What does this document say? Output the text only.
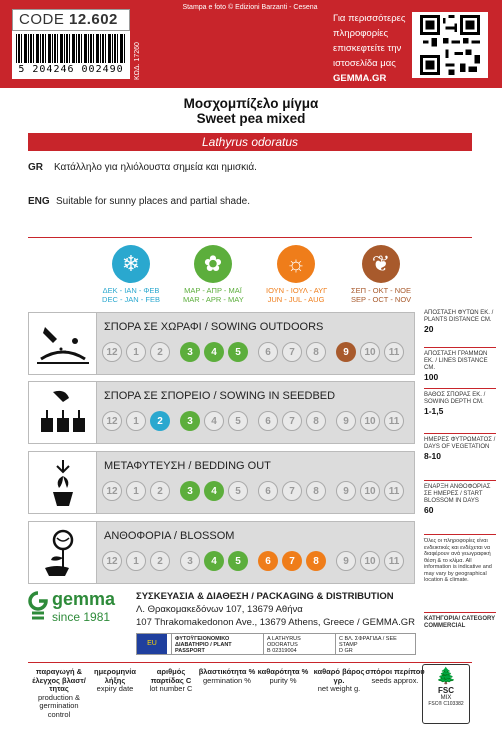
CODE 12.602
5 204246 002490	ΚΩΔ. 17260
Stampa e foto © Edizioni Barzanti - Cesena
Για περισσότερες
πληροφορίες
επισκεφτείτε την
ιστοσελίδα μας
GEMMA.GR
Μοσχομπίζελο μίγμα
Sweet pea mixed
Lathyrus odoratus
GR Κατάλληλο για ηλιόλουστα σημεία και ημισκιά.
ENG Suitable for sunny places and partial shade.
❄
ΔΕΚ - ΙΑΝ - ΦΕΒ
DEC - JAN - FEB
✿
ΜΑΡ - ΑΠΡ - ΜΑΪ
MAR - APR - MAY
☼
ΙΟΥΝ - ΙΟΥΛ - ΑΥΓ
JUN - JUL - AUG
❦
ΣΕΠ - ΟΚΤ - ΝΟΕ
SEP - OCT - NOV
ΣΠΟΡΑ ΣΕ ΧΩΡΑΦΙ / SOWING OUTDOORS
12	1	2	3	4	5	6	7	8	9	10	11
ΣΠΟΡΑ ΣΕ ΣΠΟΡΕΙΟ / SOWING IN SEEDBED
12	1	2	3	4	5	6	7	8	9	10	11
ΜΕΤΑΦΥΤΕΥΣΗ / BEDDING OUT
12	1	2	3	4	5	6	7	8	9	10	11
ΑΝΘΟΦΟΡΙΑ / BLOSSOM
12	1	2	3	4	5	6	7	8	9	10	11
ΑΠΟΣΤΑΣΗ ΦΥΤΩΝ ΕΚ. / PLANTS DISTANCE CM.
20
ΑΠΟΣΤΑΣΗ ΓΡΑΜΜΩΝ ΕΚ. / LINES DISTANCE CM.
100
ΒΑΘΟΣ ΣΠΟΡΑΣ ΕΚ. / SOWING DEPTH CM.
1-1,5
ΗΜΕΡΕΣ ΦΥΤΡΩΜΑΤΟΣ / DAYS OF VEGETATION
8-10
ΕΝΑΡΞΗ ΑΝΘΟΦΟΡΙΑΣ ΣΕ ΗΜΕΡΕΣ / START BLOSSOM IN DAYS
60
Όλες οι πληροφορίες είναι ενδεικτικές και ενδέχεται να διαφέρουν ανά γεωγραφική θέση & το κλίμα. All information is indicative and may vary by geographical location & climate.
ΚΑΤΗΓΟΡΙΑ/ CATEGORY
COMMERCIAL
gemma
since 1981
ΣΥΣΚΕΥΑΣΙΑ & ΔΙΑΘΕΣΗ / PACKAGING & DISTRIBUTION
Λ. Θρακομακεδόνων 107, 13679 Αθήνα
107 Thrakomakedonon Ave., 13679 Athens, Greece / GEMMA.GR
EU
ΦΥΤΟΫΓΕΙΟΝΟΜΙΚΟ ΔΙΑΒΑΤΗΡΙΟ / PLANT PASSPORT
A LATHYRUS ODORATUS
B 02319004
C ΒΛ. ΣΦΡΑΓΙΔΑ / SEE STAMP
D GR
παραγωγή & έλεγχος βλαστ/τητας
production & germination control
ημερομηνία λήξης
expiry date
αριθμός παρτίδας C
lot number C
βλαστικότητα %
germination %
καθαρότητα %
purity %
καθαρό βάρος γρ.
net weight g.
σπόροι περίπου
seeds approx.	🌲
FSC
MIX
FSC® C103382
